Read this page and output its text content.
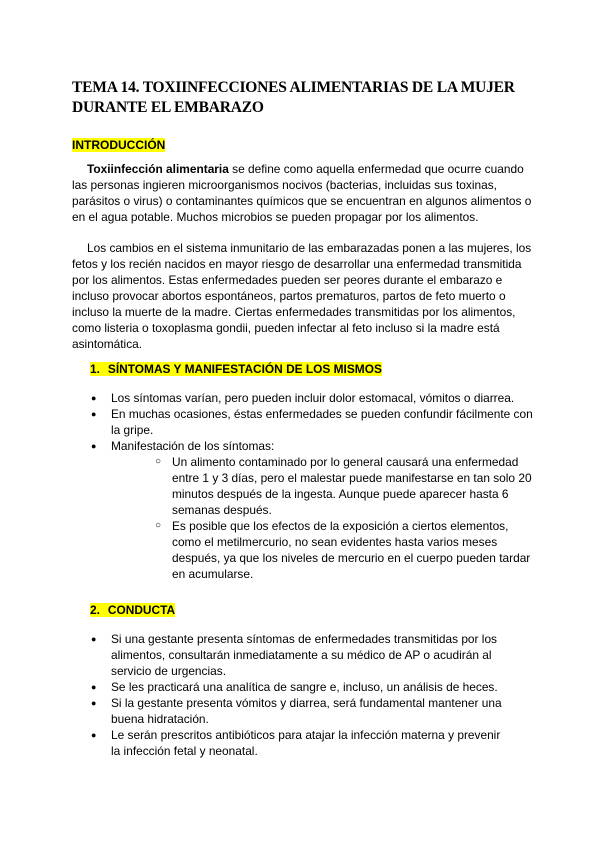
TEMA 14. TOXIINFECCIONES ALIMENTARIAS DE LA MUJER DURANTE EL EMBARAZO
INTRODUCCIÓN

Toxiinfección alimentaria se define como aquella enfermedad que ocurre cuando las personas ingieren microorganismos nocivos (bacterias, incluidas sus toxinas, parásitos o virus) o contaminantes químicos que se encuentran en algunos alimentos o en el agua potable. Muchos microbios se pueden propagar por los alimentos.

Los cambios en el sistema inmunitario de las embarazadas ponen a las mujeres, los fetos y los recién nacidos en mayor riesgo de desarrollar una enfermedad transmitida por los alimentos. Estas enfermedades pueden ser peores durante el embarazo e incluso provocar abortos espontáneos, partos prematuros, partos de feto muerto o incluso la muerte de la madre. Ciertas enfermedades transmitidas por los alimentos, como listeria o toxoplasma gondii, pueden infectar al feto incluso si la madre está asintomática.

1. SÍNTOMAS Y MANIFESTACIÓN DE LOS MISMOS
● Los síntomas varían, pero pueden incluir dolor estomacal, vómitos o diarrea.
● En muchas ocasiones, éstas enfermedades se pueden confundir fácilmente con la gripe.
● Manifestación de los síntomas:
○ Un alimento contaminado por lo general causará una enfermedad entre 1 y 3 días, pero el malestar puede manifestarse en tan solo 20 minutos después de la ingesta. Aunque puede aparecer hasta 6 semanas después.
○ Es posible que los efectos de la exposición a ciertos elementos, como el metilmercurio, no sean evidentes hasta varios meses después, ya que los niveles de mercurio en el cuerpo pueden tardar en acumularse.
2. CONDUCTA
● Si una gestante presenta síntomas de enfermedades transmitidas por los alimentos, consultarán inmediatamente a su médico de AP o acudirán al servicio de urgencias.
● Se les practicará una analítica de sangre e, incluso, un análisis de heces.
● Si la gestante presenta vómitos y diarrea, será fundamental mantener una buena hidratación.
● Le serán prescritos antibióticos para atajar la infección materna y prevenir la infección fetal y neonatal.
